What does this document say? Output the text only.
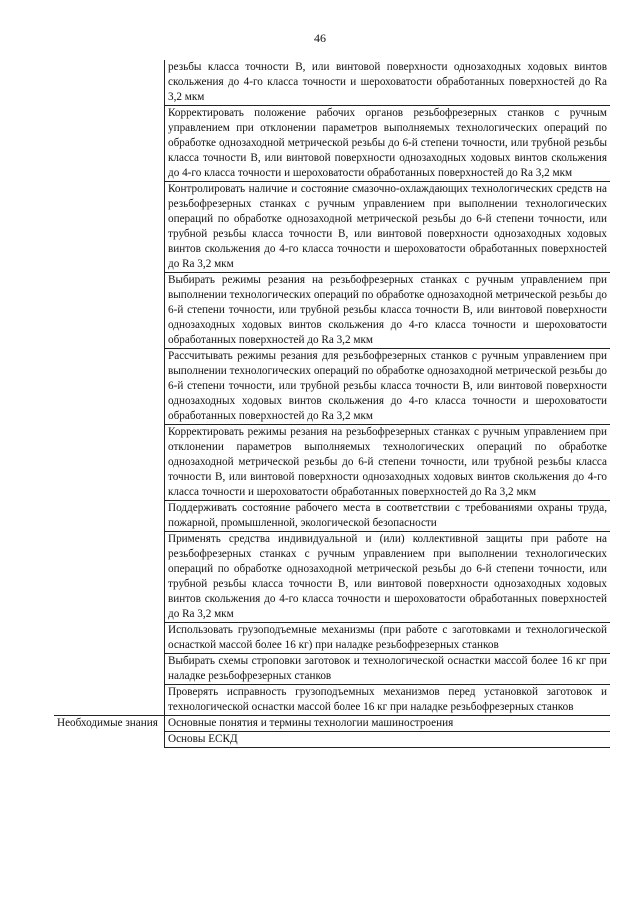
46
	резьбы класса точности В, или винтовой поверхности однозаходных ходовых винтов скольжения до 4-го класса точности и шероховатости обработанных поверхностей до Ra 3,2 мкм
	Корректировать положение рабочих органов резьбофрезерных станков с ручным управлением при отклонении параметров выполняемых технологических операций по обработке однозаходной метрической резьбы до 6-й степени точности, или трубной резьбы класса точности В, или винтовой поверхности однозаходных ходовых винтов скольжения до 4-го класса точности и шероховатости обработанных поверхностей до Ra 3,2 мкм
	Контролировать наличие и состояние смазочно-охлаждающих технологических средств на резьбофрезерных станках с ручным управлением при выполнении технологических операций по обработке однозаходной метрической резьбы до 6-й степени точности, или трубной резьбы класса точности В, или винтовой поверхности однозаходных ходовых винтов скольжения до 4-го класса точности и шероховатости обработанных поверхностей до Ra 3,2 мкм
	Выбирать режимы резания на резьбофрезерных станках с ручным управлением при выполнении технологических операций по обработке однозаходной метрической резьбы до 6-й степени точности, или трубной резьбы класса точности В, или винтовой поверхности однозаходных ходовых винтов скольжения до 4-го класса точности и шероховатости обработанных поверхностей до Ra 3,2 мкм
	Рассчитывать режимы резания для резьбофрезерных станков с ручным управлением при выполнении технологических операций по обработке однозаходной метрической резьбы до 6-й степени точности, или трубной резьбы класса точности В, или винтовой поверхности однозаходных ходовых винтов скольжения до 4-го класса точности и шероховатости обработанных поверхностей до Ra 3,2 мкм
	Корректировать режимы резания на резьбофрезерных станках с ручным управлением при отклонении параметров выполняемых технологических операций по обработке однозаходной метрической резьбы до 6-й степени точности, или трубной резьбы класса точности В, или винтовой поверхности однозаходных ходовых винтов скольжения до 4-го класса точности и шероховатости обработанных поверхностей до Ra 3,2 мкм
	Поддерживать состояние рабочего места в соответствии с требованиями охраны труда, пожарной, промышленной, экологической безопасности
	Применять средства индивидуальной и (или) коллективной защиты при работе на резьбофрезерных станках с ручным управлением при выполнении технологических операций по обработке однозаходной метрической резьбы до 6-й степени точности, или трубной резьбы класса точности В, или винтовой поверхности однозаходных ходовых винтов скольжения до 4-го класса точности и шероховатости обработанных поверхностей до Ra 3,2 мкм
	Использовать грузоподъемные механизмы (при работе с заготовками и технологической оснасткой массой более 16 кг) при наладке резьбофрезерных станков
	Выбирать схемы строповки заготовок и технологической оснастки массой более 16 кг при наладке резьбофрезерных станков
	Проверять исправность грузоподъемных механизмов перед установкой заготовок и технологической оснастки массой более 16 кг при наладке резьбофрезерных станков
Необходимые знания	Основные понятия и термины технологии машиностроения
	Основы ЕСКД
